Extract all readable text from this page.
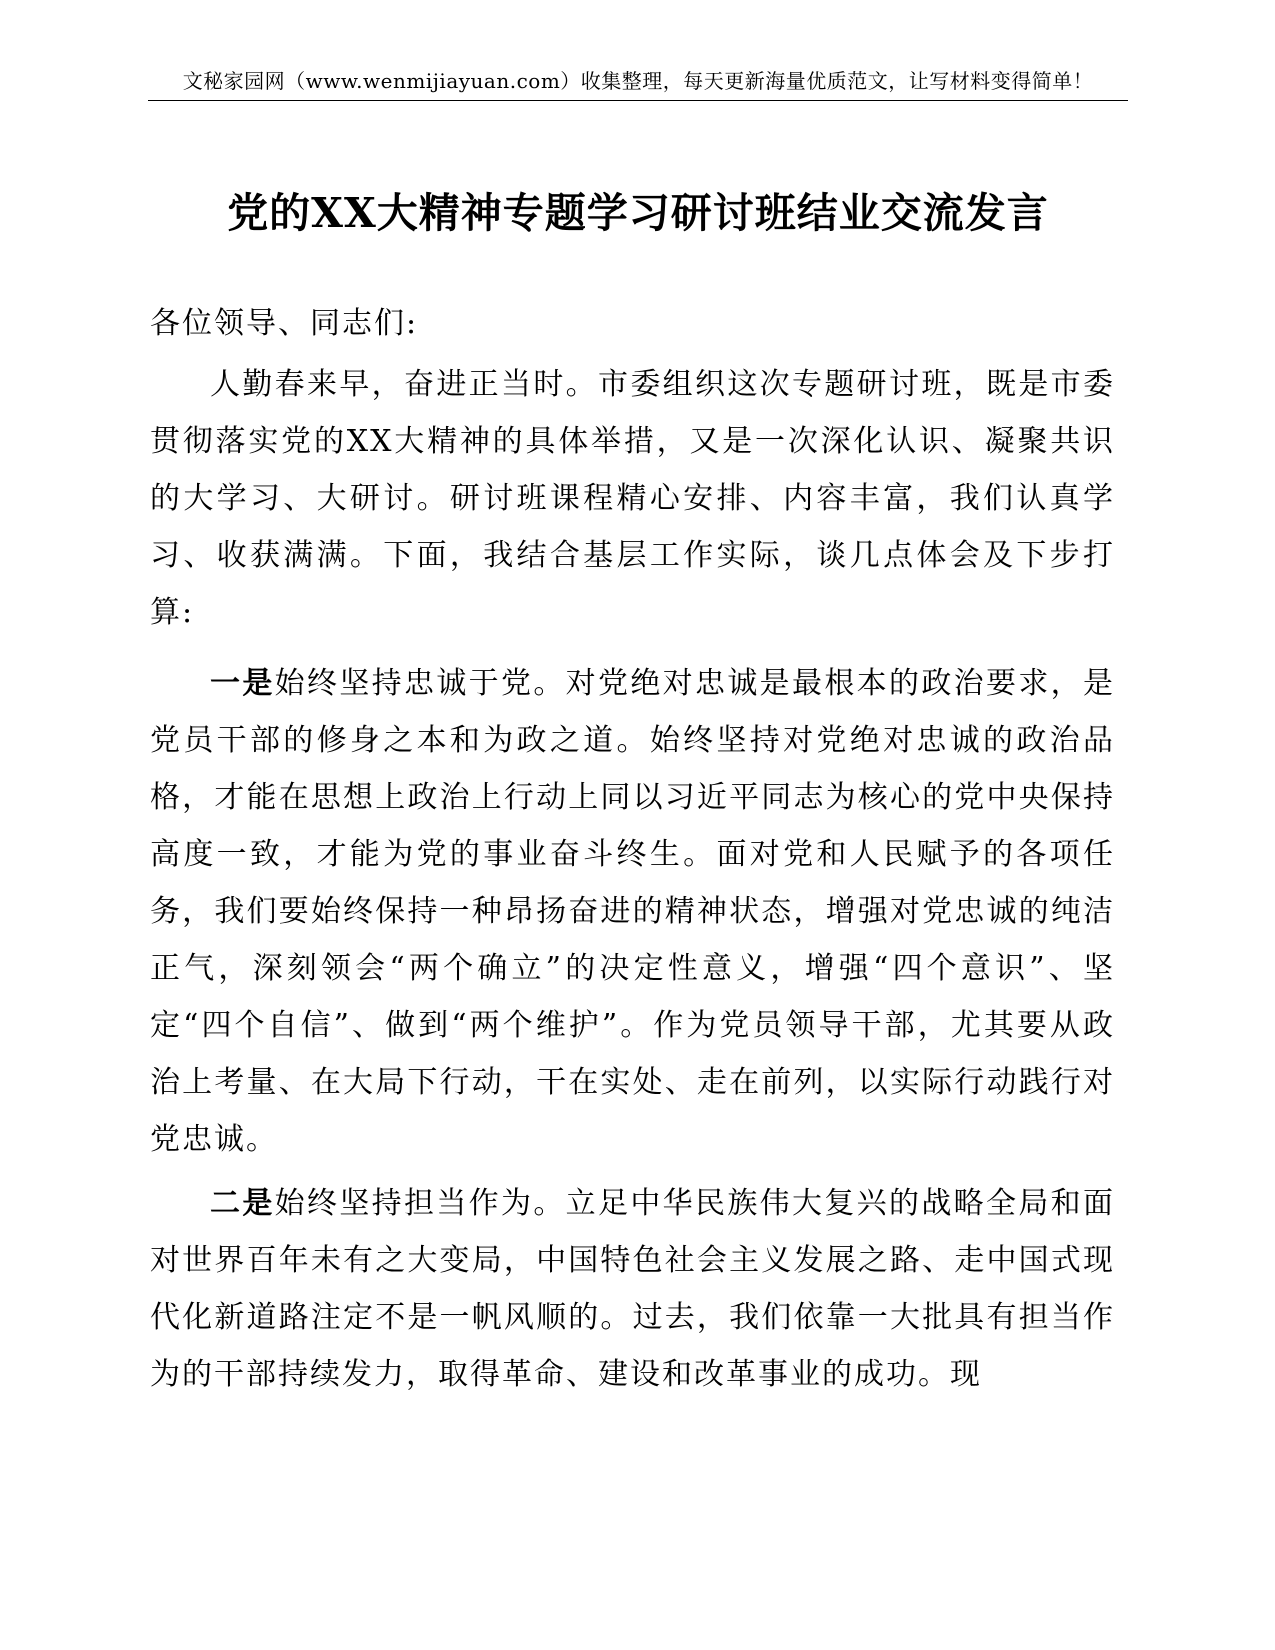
文秘家园网（www.wenmijiayuan.com）收集整理，每天更新海量优质范文，让写材料变得简单！
党的XX大精神专题学习研讨班结业交流发言

各位领导、同志们:

人勤春来早，奋进正当时。市委组织这次专题研讨班，既是市委贯彻落实党的XX大精神的具体举措，又是一次深化认识、凝聚共识的大学习、大研讨。研讨班课程精心安排、内容丰富，我们认真学习、收获满满。下面，我结合基层工作实际，谈几点体会及下步打算:

一是始终坚持忠诚于党。对党绝对忠诚是最根本的政治要求，是党员干部的修身之本和为政之道。始终坚持对党绝对忠诚的政治品格，才能在思想上政治上行动上同以习近平同志为核心的党中央保持高度一致，才能为党的事业奋斗终生。面对党和人民赋予的各项任务，我们要始终保持一种昂扬奋进的精神状态，增强对党忠诚的纯洁正气，深刻领会“两个确立”的决定性意义，增强“四个意识”、坚定“四个自信”、做到“两个维护”。作为党员领导干部，尤其要从政治上考量、在大局下行动，干在实处、走在前列，以实际行动践行对党忠诚。

二是始终坚持担当作为。立足中华民族伟大复兴的战略全局和面对世界百年未有之大变局，中国特色社会主义发展之路、走中国式现代化新道路注定不是一帆风顺的。过去，我们依靠一大批具有担当作为的干部持续发力，取得革命、建设和改革事业的成功。现
